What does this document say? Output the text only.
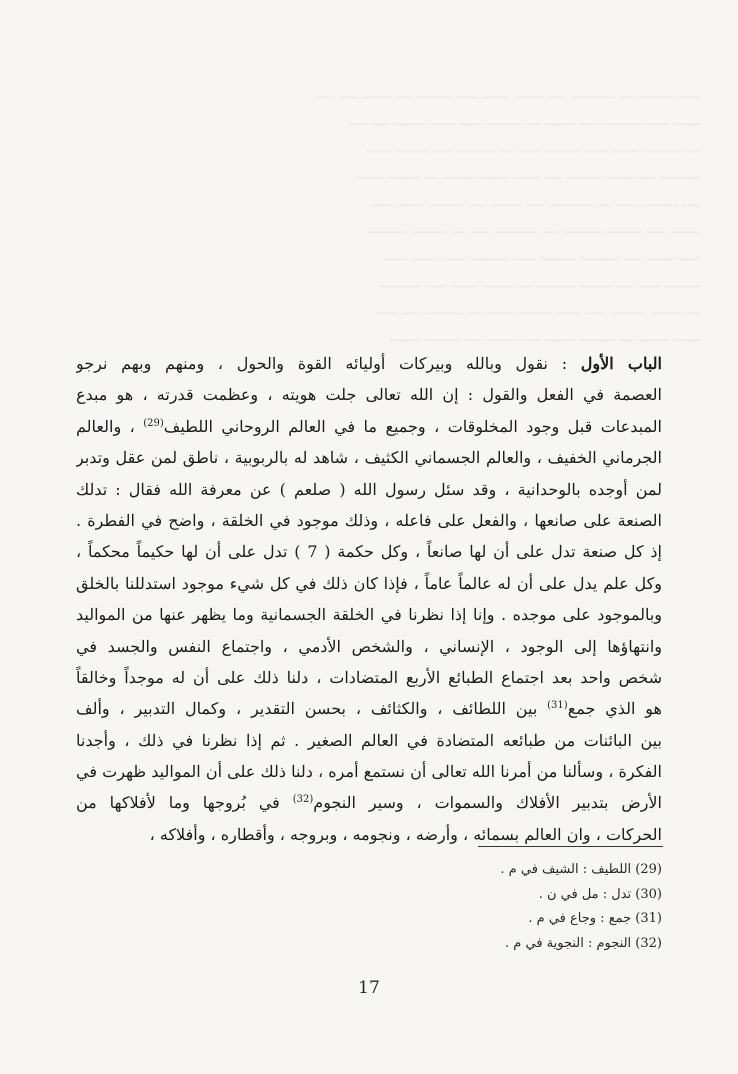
ـــــ ــــــــ ـــ ــــــــــ ــــ ـــــــ ــــــ ـــــ ــــــــ ـــ ـــــــ ــــ ـــــ
ــــــ ـــــ ـــــــــ ــــ ـــــــ ـــ ــــــــ ـــــ ــــــ ـــــــ ــــ ــــ
ـــ ـــــــــ ــــــ ـــــ ــــــــ ـــــ ـــ ـــــــــ ــــ ـــــــ ــــــ
ـــــــــ ــــ ــــــ ــــــــ ــــ ــــــ ـــــــ ـــــــ ـــ ـــــــ ــــــ
ــــ ــــــــ ـــــ ـــ ــــــــــ ــــ ـــــــ ــــ ــــــــ ــــــ ـــــ
ـــــــ ــــ ــــــــ ـــــــــ ــــ ـــــــــ ـــــ ـــ ــــــــ ـــــــــ
ـــــ ــــــ ــــ ـــــــــ ــــــــ ـــــ ـــــــــ ـــــ ــــــ ـــــ
ــــــــ ـــــ ــــ ـــــــ ـــــــــ ـــ ـــــــ ــــــ ـــــ ـــــــــ
ـــ ـــــــ ــــــــ ـــــ ـــــ ــــــــ ــــــ ـــ ـــــــــ ــــ ـــــ
ــــــ ـــــــ ـــ ــــــــ ـــــــ ــــ ـــــــ ــــ ــــــــ ـــــــ
الباب الأول : نقول وبالله وبيركات أوليائه القوة والحول ، ومنهم وبهم نرجو
العصمة في الفعل والقول : إن الله تعالى جلت هويته ، وعظمت قدرته ، هو مبدع
المبدعات قبل وجود المخلوقات ، وجميع ما في العالم الروحاني اللطيف$^{(29)}$ ، والعالم
الجرماني الخفيف ، والعالم الجسماني الكثيف ، شاهد له بالربوبية ، ناطق لمن عقل وتدبر
لمن أوجده بالوحدانية ، وقد سئل رسول الله ( صلعم ) عن معرفة الله فقال : تدلك
الصنعة على صانعها ، والفعل على فاعله ، وذلك موجود في الخلقة ، واضح في الفطرة .
إذ كل صنعة تدل على أن لها صانعاً ، وكل حكمة ( 7 ) تدل على أن لها حكيماً محكماً ،
وكل علم يدل على أن له عالماً عاماً ، فإذا كان ذلك في كل شيء موجود استدللنا بالخلق
وبالموجود على موجده . وإنا إذا نظرنا في الخلقة الجسمانية وما يظهر عنها من المواليد
وانتهاؤها إلى الوجود ، الإنساني ، والشخص الأدمي ، واجتماع النفس والجسد في
شخص واحد بعد اجتماع الطبائع الأربع المتضادات ، دلنا ذلك على أن له موجداً وخالقاً
هو الذي جمع$^{(31)}$ بين اللطائف ، والكثائف ، بحسن التقدير ، وكمال التدبير ، وألف
بين البائنات من طبائعه المتضادة في العالم الصغير . ثم إذا نظرنا في ذلك ، وأجدنا
الفكرة ، وسألنا من أمرنا الله تعالى أن نستمع أمره ، دلنا ذلك على أن المواليد ظهرت في
الأرض بتدبير الأفلاك والسموات ، وسير النجوم$^{(32)}$ في بُروجها وما لأفلاكها من
الحركات ، وان العالم بسمائه ، وأرضه ، ونجومه ، وبروجه ، وأقطاره ، وأفلاكه ،
(29) اللطيف : الشيف في م .
(30) تدل : مل في ن .
(31) جمع : وجاع في م .
(32) النجوم : النجوية في م .
17
